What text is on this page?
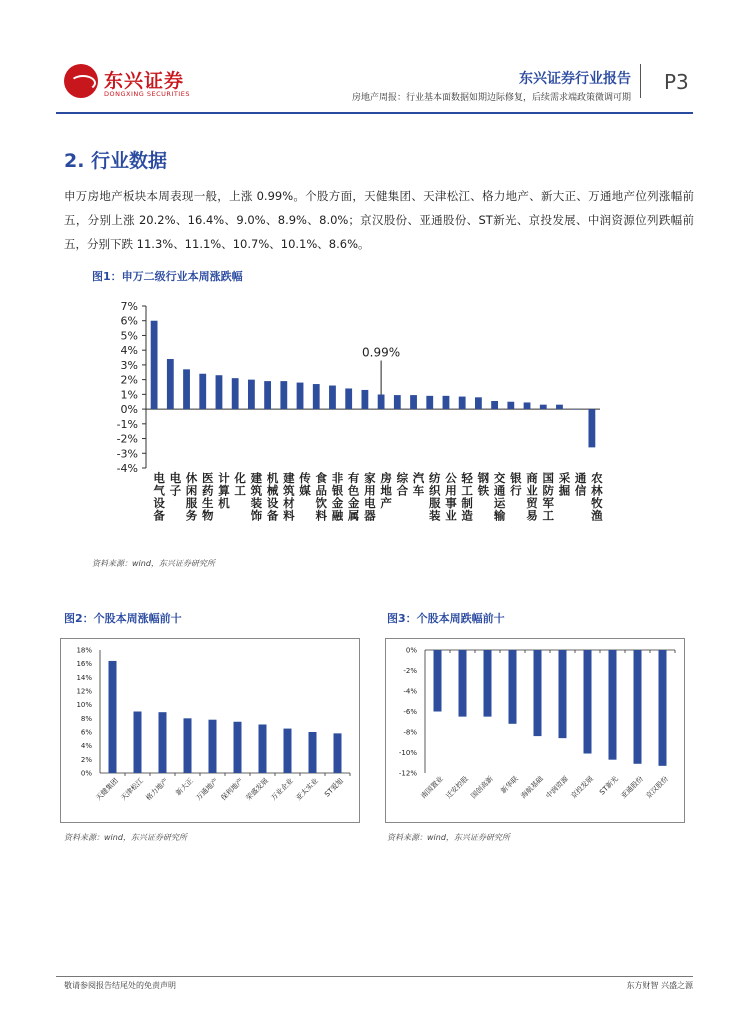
东兴证券
DONGXING SECURITIES
东兴证券行业报告
房地产周报：行业基本面数据如期边际修复，后续需求端政策微调可期
P3
2. 行业数据
申万房地产板块本周表现一般，上涨 0.99%。个股方面，天健集团、天津松江、格力地产、新大正、万通地产位列涨幅前五，分别上涨 20.2%、16.4%、9.0%、8.9%、8.0%；京汉股份、亚通股份、ST新光、京投发展、中润资源位列跌幅前五，分别下跌 11.3%、11.1%、10.7%、10.1%、8.6%。
图1：申万二级行业本周涨跌幅
7%
6%
5%
4%
3%
2%
1%
0%
-1%
-2%
-3%
-4%
电气设备
电子
休闲服务
医药生物
计算机
化工
建筑装饰
机械设备
建筑材料
传媒
食品饮料
非银金融
有色金属
家用电器
房地产
0.99%
综合
汽车
纺织服装
公用事业
轻工制造
钢铁
交通运输
银行
商业贸易
国防军工
采掘
通信
农林牧渔
资料来源：wind，东兴证券研究所
图2：个股本周涨幅前十
18%
16%
14%
12%
10%
8%
6%
4%
2%
0%
天健集团 天津松江 格力地产 新大正 万通地产 保利地产 荣盛发展 万业企业 亚太实业 ST爱旭
资料来源：wind，东兴证券研究所
图3：个股本周跌幅前十
0%
-2%
-4%
-6%
-8%
-10%
-12%
南国置业 迁安控股 国创高新 新华联 海航基础 中润资源 京投发展 ST新光 亚通股份 京汉股份
资料来源：wind，东兴证券研究所
敬请参阅报告结尾处的免责声明	东方财智 兴盛之源
